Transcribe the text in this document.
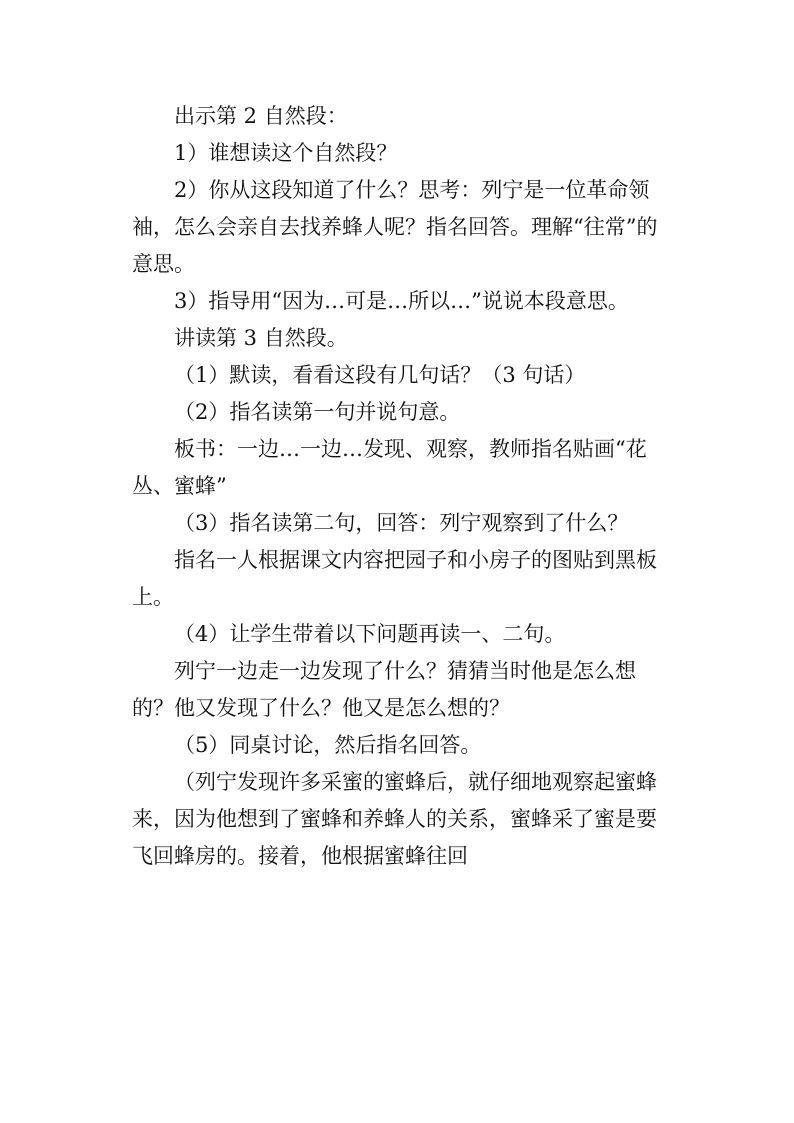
出示第 2 自然段：

1）谁想读这个自然段？

2）你从这段知道了什么？思考：列宁是一位革命领袖，怎么会亲自去找养蜂人呢？指名回答。理解“往常”的意思。

3）指导用“因为…可是…所以…”说说本段意思。

讲读第 3 自然段。

（1）默读，看看这段有几句话？（3 句话）

（2）指名读第一句并说句意。

板书：一边…一边…发现、观察，教师指名贴画“花丛、蜜蜂”

（3）指名读第二句，回答：列宁观察到了什么？

指名一人根据课文内容把园子和小房子的图贴到黑板上。

（4）让学生带着以下问题再读一、二句。

列宁一边走一边发现了什么？猜猜当时他是怎么想的？他又发现了什么？他又是怎么想的？

（5）同桌讨论，然后指名回答。

（列宁发现许多采蜜的蜜蜂后，就仔细地观察起蜜蜂来，因为他想到了蜜蜂和养蜂人的关系，蜜蜂采了蜜是要飞回蜂房的。接着，他根据蜜蜂往回
